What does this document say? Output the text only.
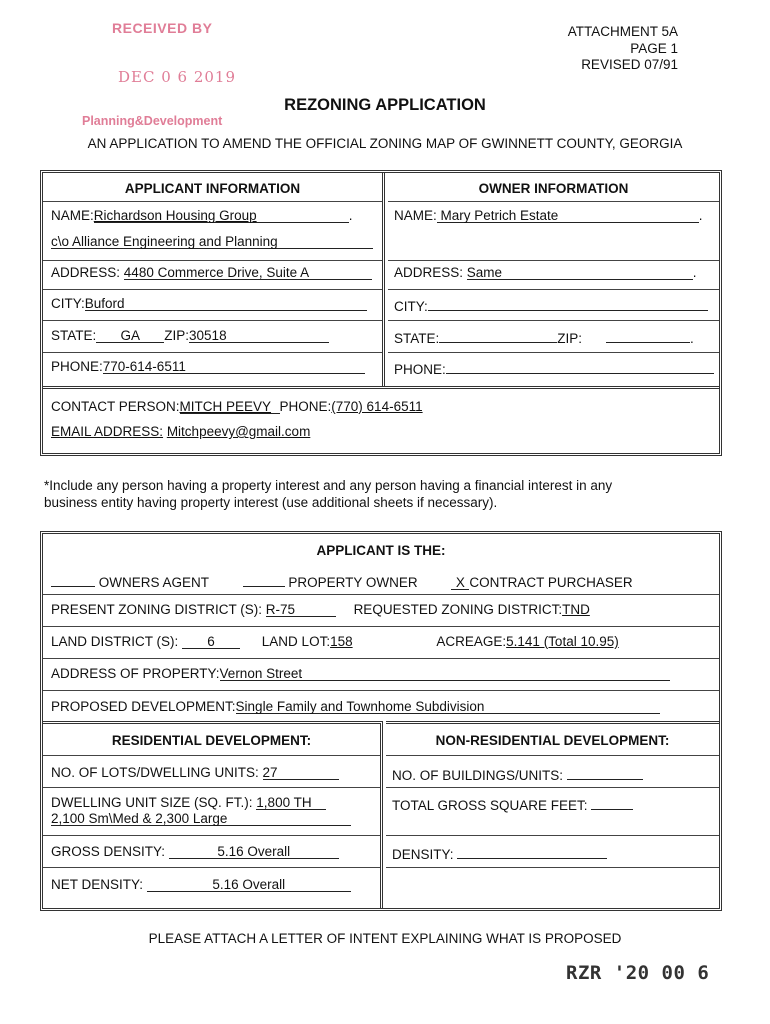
RECEIVED BY
DEC 0 6 2019
Planning&Development
ATTACHMENT 5A
PAGE 1
REVISED 07/91
REZONING APPLICATION
AN APPLICATION TO AMEND THE OFFICIAL ZONING MAP OF GWINNETT COUNTY, GEORGIA
APPLICANT INFORMATION
NAME:Richardson Housing Group	.
c\o Alliance Engineering and Planning
ADDRESS: 4480 Commerce Drive, Suite A
CITY:Buford
STATE: GA ZIP:30518
PHONE:770-614-6511
OWNER INFORMATION
NAME: Mary Petrich Estate	.
ADDRESS: Same	.
CITY:
STATE:	ZIP:	.
PHONE:
CONTACT PERSON:MITCH PEEVY PHONE:(770) 614-6511
EMAIL ADDRESS: Mitchpeevy@gmail.com
*Include any person having a property interest and any person having a financial interest in any
business entity having property interest (use additional sheets if necessary).
APPLICANT IS THE:
OWNERS AGENT	PROPERTY OWNER	X CONTRACT PURCHASER
PRESENT ZONING DISTRICT (S): R-75	REQUESTED ZONING DISTRICT:TND
LAND DISTRICT (S): 6	LAND LOT:158	ACREAGE:5.141 (Total 10.95)
ADDRESS OF PROPERTY:Vernon Street
PROPOSED DEVELOPMENT:Single Family and Townhome Subdivision
RESIDENTIAL DEVELOPMENT:
NO. OF LOTS/DWELLING UNITS: 27
DWELLING UNIT SIZE (SQ. FT.): 1,800 TH
2,100 Sm\Med & 2,300 Large
GROSS DENSITY:	5.16 Overall
NET DENSITY:	5.16 Overall
NON-RESIDENTIAL DEVELOPMENT:
NO. OF BUILDINGS/UNITS:
TOTAL GROSS SQUARE FEET:
DENSITY:
PLEASE ATTACH A LETTER OF INTENT EXPLAINING WHAT IS PROPOSED
RZR '20 00 6
